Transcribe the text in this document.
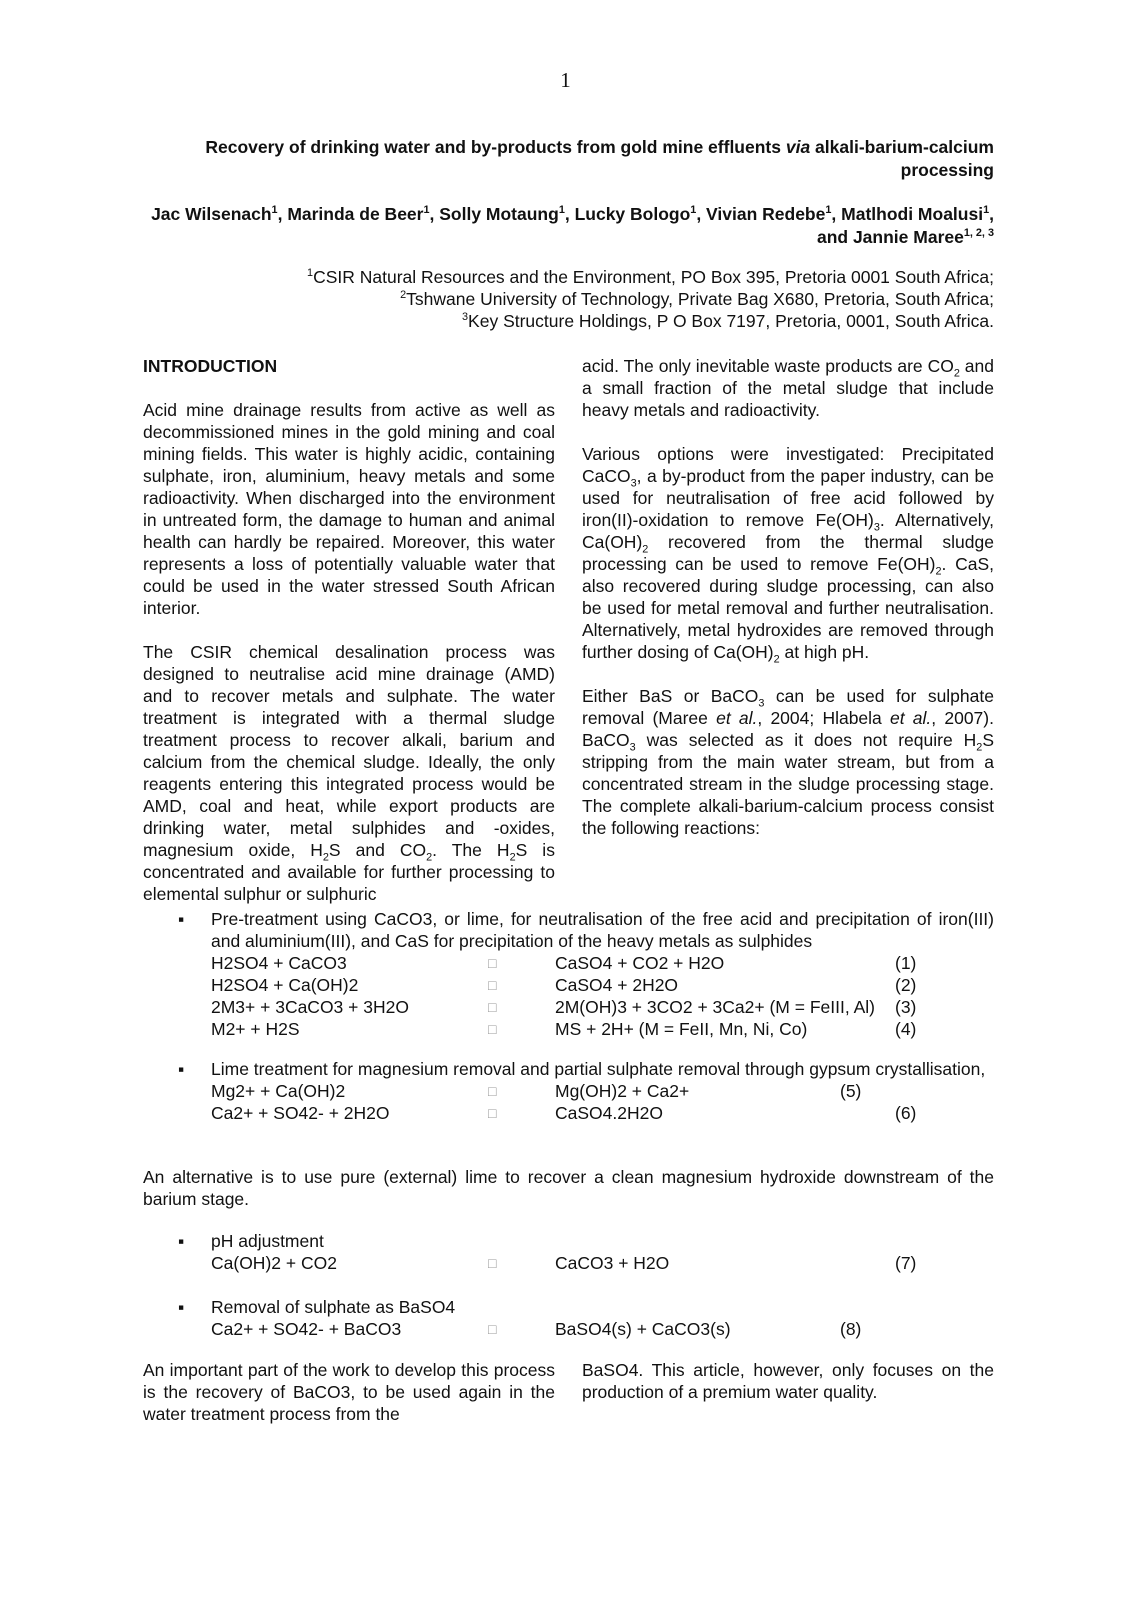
1
Recovery of drinking water and by-products from gold mine effluents via alkali-barium-calcium processing
Jac Wilsenach$^1$, Marinda de Beer$^1$, Solly Motaung$^1$, Lucky Bologo$^1$, Vivian Redebe$^1$, Matlhodi Moalusi$^1$, and Jannie Maree$^{1, 2, 3}$
$^1$CSIR Natural Resources and the Environment, PO Box 395, Pretoria 0001 South Africa;
$^2$Tshwane University of Technology, Private Bag X680, Pretoria, South Africa;
$^3$Key Structure Holdings, P O Box 7197, Pretoria, 0001, South Africa.
INTRODUCTION

Acid mine drainage results from active as well as decommissioned mines in the gold mining and coal mining fields. This water is highly acidic, containing sulphate, iron, aluminium, heavy metals and some radioactivity. When discharged into the environment in untreated form, the damage to human and animal health can hardly be repaired. Moreover, this water represents a loss of potentially valuable water that could be used in the water stressed South African interior.

The CSIR chemical desalination process was designed to neutralise acid mine drainage (AMD) and to recover metals and sulphate. The water treatment is integrated with a thermal sludge treatment process to recover alkali, barium and calcium from the chemical sludge. Ideally, the only reagents entering this integrated process would be AMD, coal and heat, while export products are drinking water, metal sulphides and -oxides, magnesium oxide, $H_2S$ and $CO_2$. The $H_2S$ is concentrated and available for further processing to elemental sulphur or sulphuric

acid. The only inevitable waste products are $CO_2$ and a small fraction of the metal sludge that include heavy metals and radioactivity.

Various options were investigated: Precipitated CaCO$_3$, a by-product from the paper industry, can be used for neutralisation of free acid followed by iron(II)-oxidation to remove $Fe(OH)_3$. Alternatively, $Ca(OH)_2$ recovered from the thermal sludge processing can be used to remove $Fe(OH)_2$. CaS, also recovered during sludge processing, can also be used for metal removal and further neutralisation. Alternatively, metal hydroxides are removed through further dosing of $Ca(OH)_2$ at high pH.

Either BaS or BaCO$_3$ can be used for sulphate removal (Maree et al., 2004; Hlabela et al., 2007). BaCO$_3$ was selected as it does not require $H_2S$ stripping from the main water stream, but from a concentrated stream in the sludge processing stage. The complete alkali-barium-calcium process consist the following reactions:

▪	Pre-treatment using CaCO3, or lime, for neutralisation of the free acid and precipitation of iron(III) and aluminium(III), and CaS for precipitation of the heavy metals as sulphides
H2SO4 + CaCO3	□	CaSO4 + CO2 + H2O	(1)
H2SO4 + Ca(OH)2	□	CaSO4 + 2H2O	(2)
2M3+ + 3CaCO3 + 3H2O	□	2M(OH)3 + 3CO2 + 3Ca2+ (M = FeIII, Al) (3)
M2+ + H2S	□	MS + 2H+ (M = FeII, Mn, Ni, Co)	(4)
▪	Lime treatment for magnesium removal and partial sulphate removal through gypsum crystallisation,
Mg2+ + Ca(OH)2	□	Mg(OH)2 + Ca2+	(5)
Ca2+ + SO42- + 2H2O	□	CaSO4.2H2O	(6)
An alternative is to use pure (external) lime to recover a clean magnesium hydroxide downstream of the barium stage.
▪	pH adjustment
Ca(OH)2 + CO2	□	CaCO3 + H2O	(7)
▪	Removal of sulphate as BaSO4
Ca2+ + SO42- + BaCO3	□	BaSO4(s) + CaCO3(s)	(8)
An important part of the work to develop this process is the recovery of BaCO3, to be used again in the water treatment process from the
BaSO4. This article, however, only focuses on the production of a premium water quality.
